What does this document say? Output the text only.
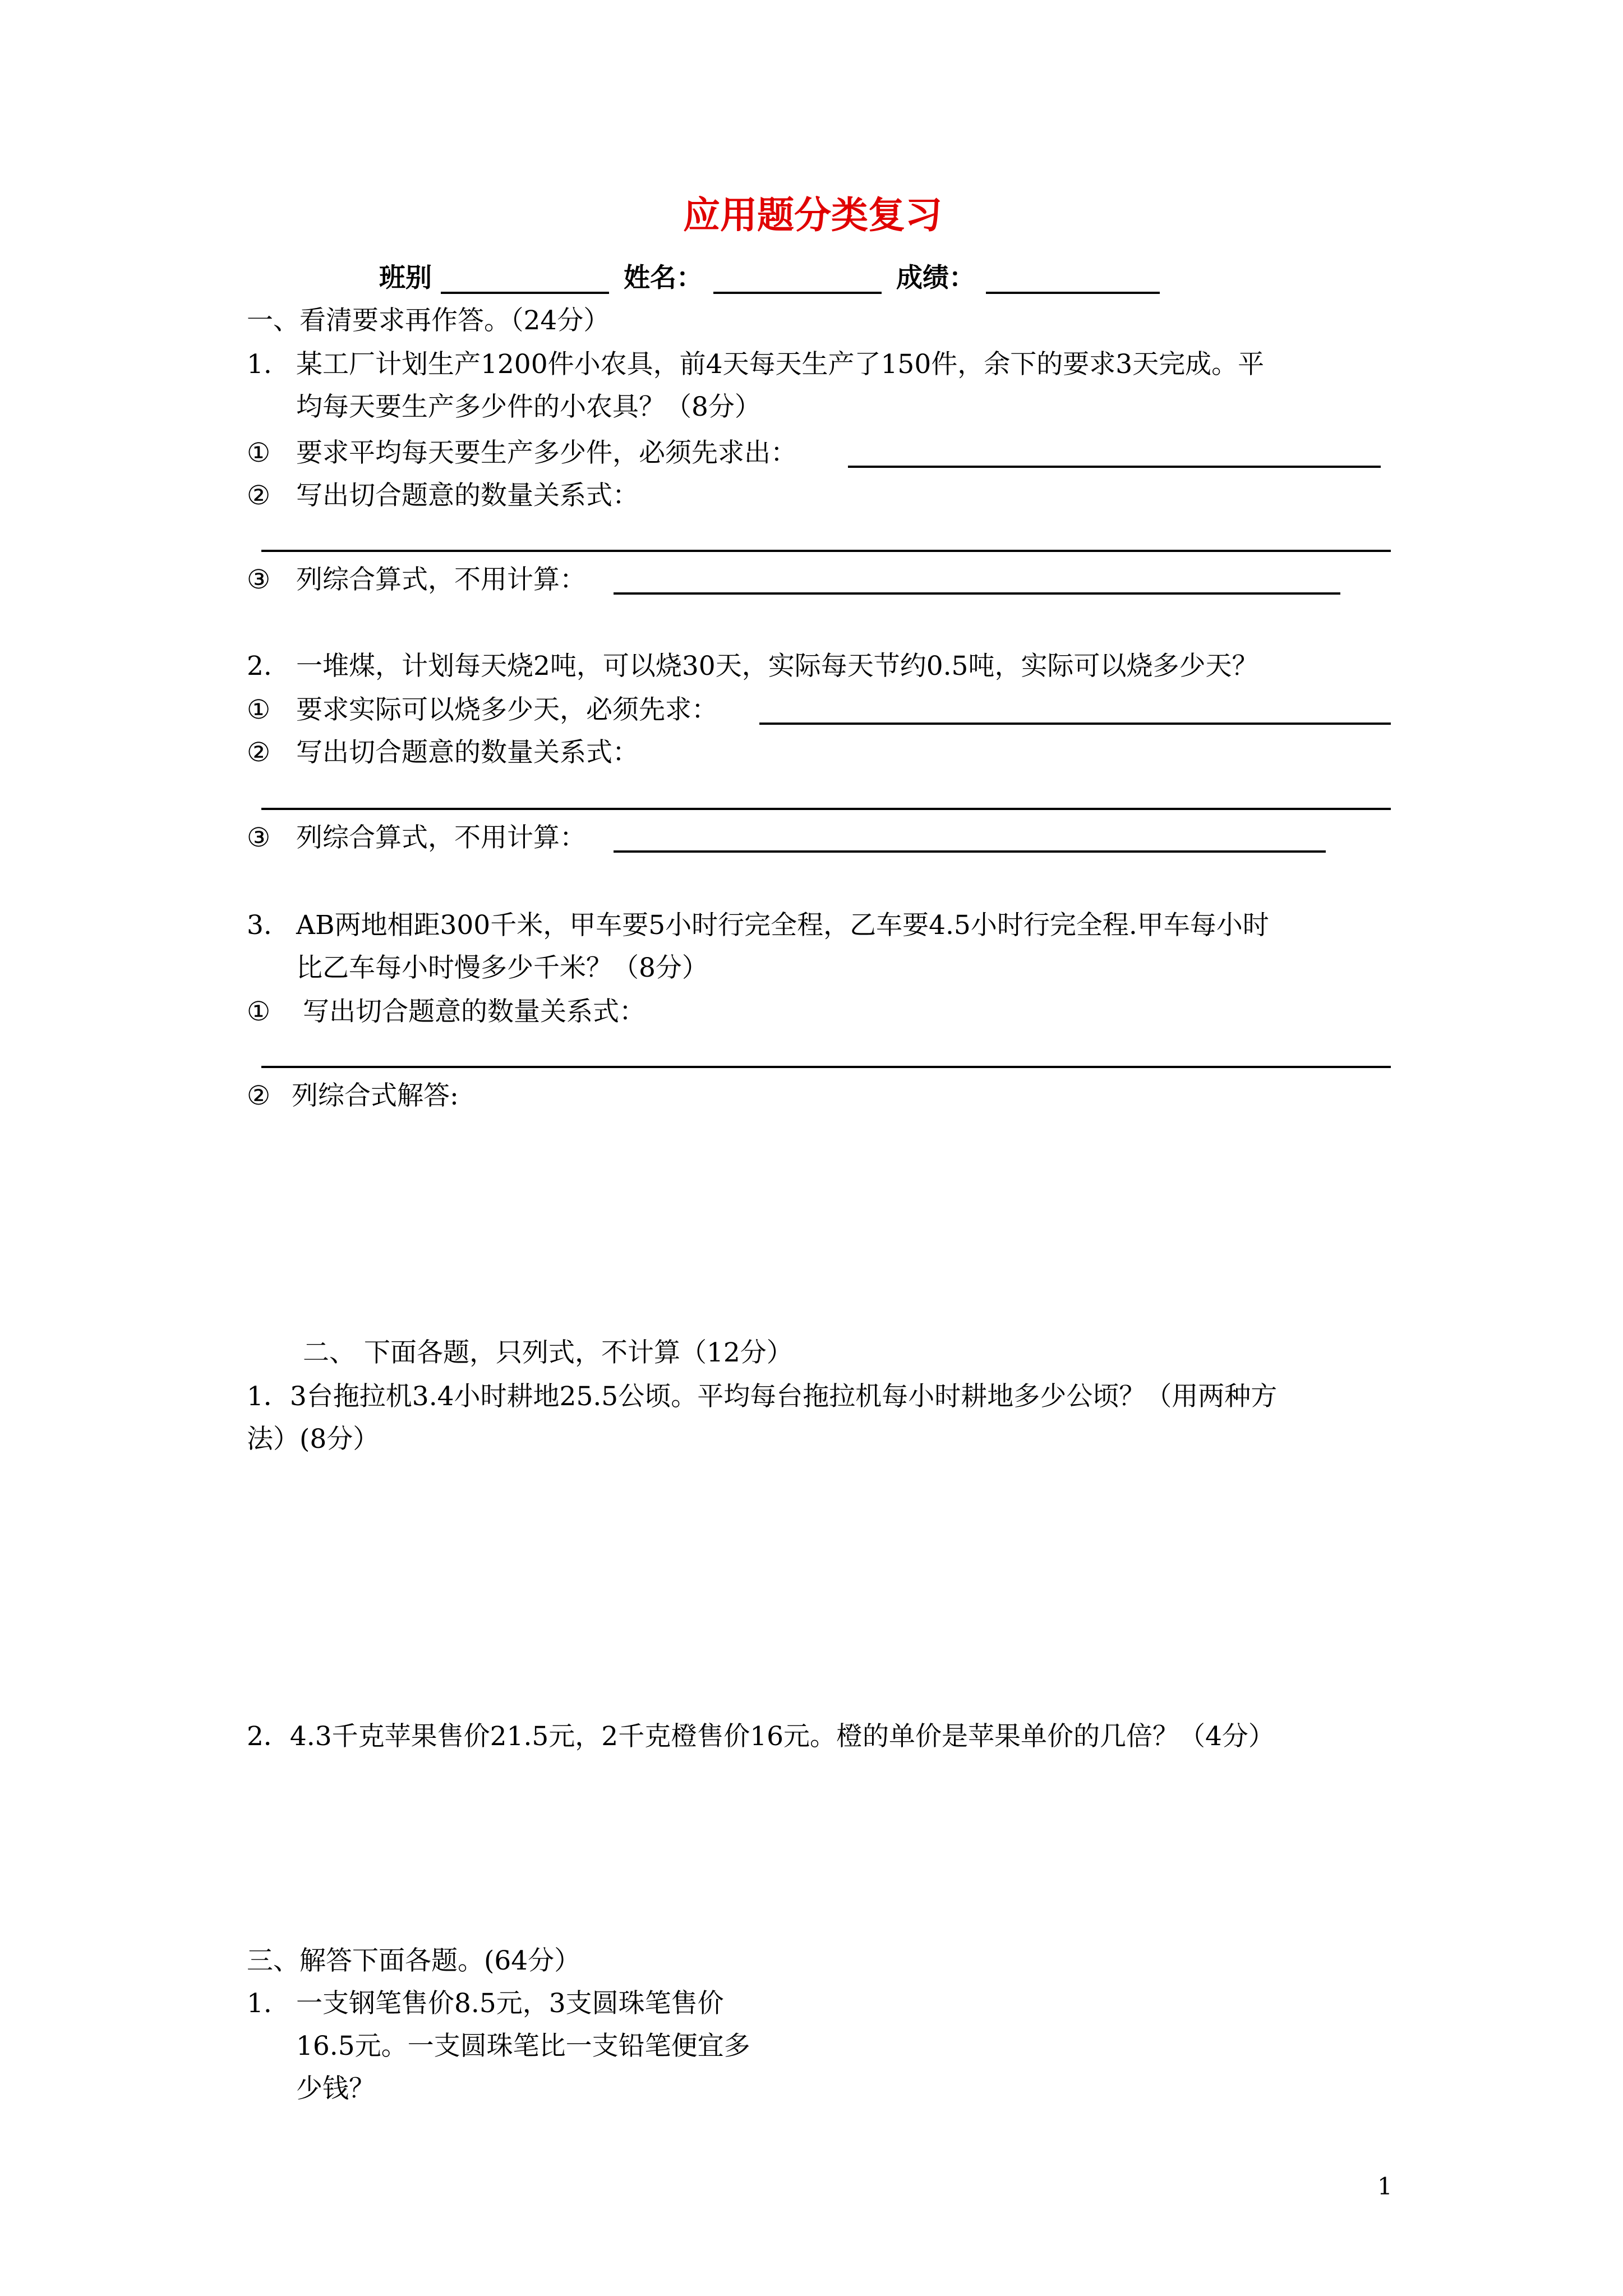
应用题分类复习
班别	姓名：	成绩：
一、看清要求再作答。（24分）
1. 某工厂计划生产1200件小农具，前4天每天生产了150件，余下的要求3天完成。平
均每天要生产多少件的小农具？（8分）
① 要求平均每天要生产多少件，必须先求出：
② 写出切合题意的数量关系式：
③ 列综合算式，不用计算：
2. 一堆煤，计划每天烧2吨，可以烧30天，实际每天节约0.5吨，实际可以烧多少天？
① 要求实际可以烧多少天，必须先求：
② 写出切合题意的数量关系式：
③ 列综合算式，不用计算：
3. AB两地相距300千米，甲车要5小时行完全程，乙车要4.5小时行完全程.甲车每小时
比乙车每小时慢多少千米？（8分）
① 写出切合题意的数量关系式：
② 列综合式解答:
二、 下面各题，只列式，不计算（12分）
1．3台拖拉机3.4小时耕地25.5公顷。平均每台拖拉机每小时耕地多少公顷？（用两种方
法）(8分）
2．4.3千克苹果售价21.5元，2千克橙售价16元。橙的单价是苹果单价的几倍？（4分）
三、解答下面各题。(64分）
1. 一支钢笔售价8.5元，3支圆珠笔售价
16.5元。一支圆珠笔比一支铅笔便宜多
少钱？
1
